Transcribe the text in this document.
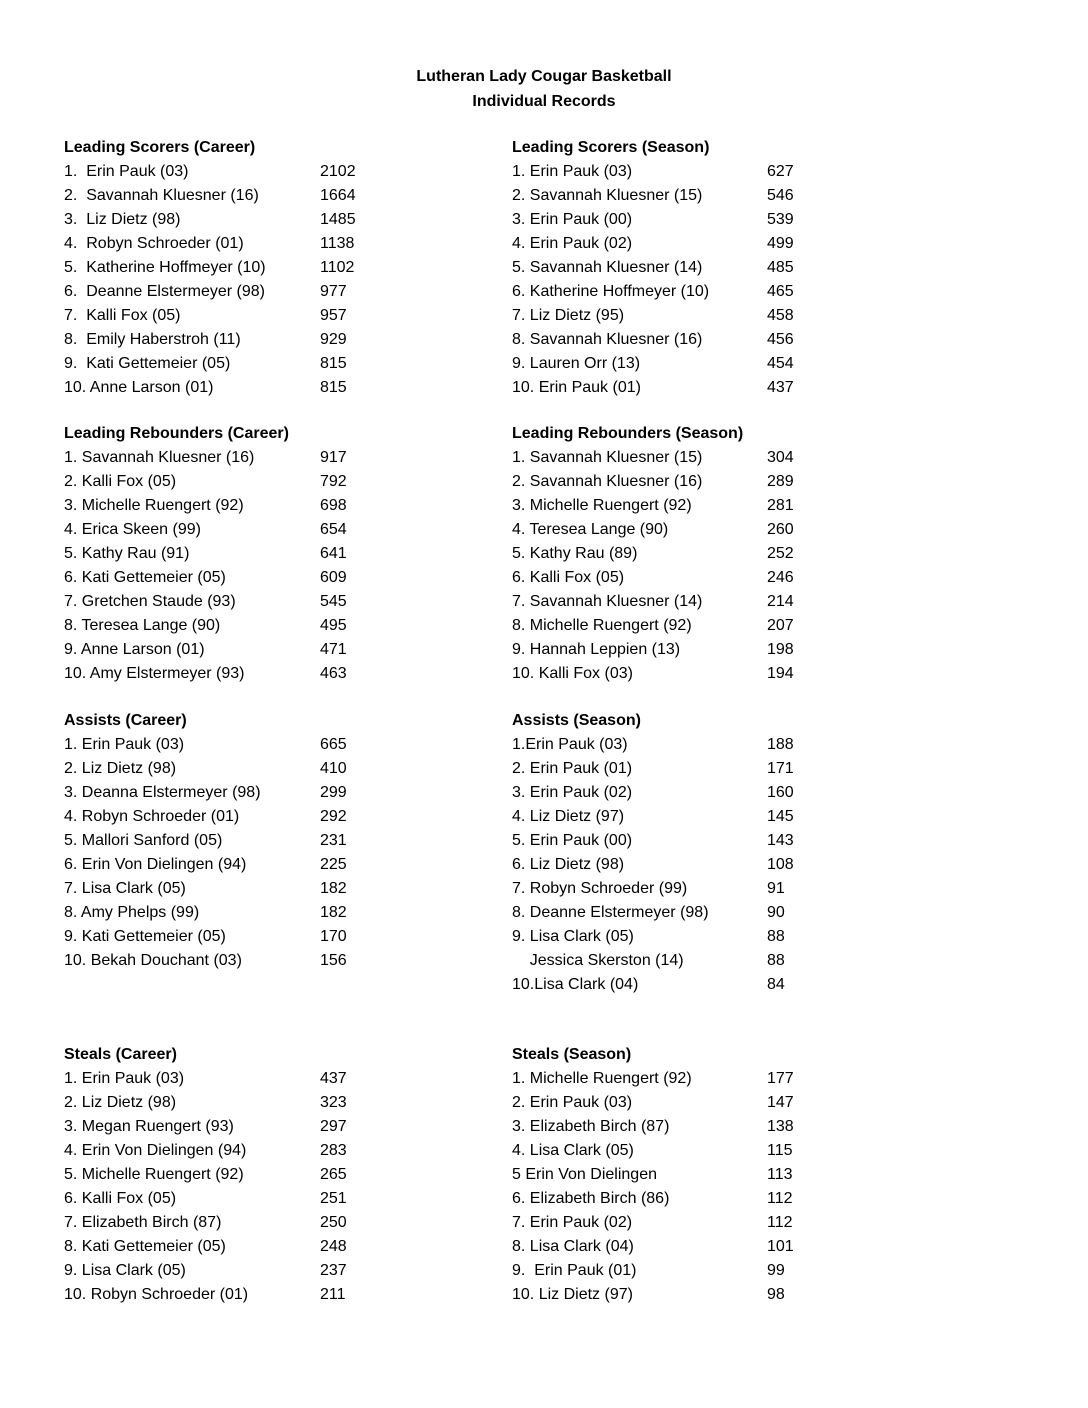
Lutheran Lady Cougar Basketball
Individual Records
Leading Scorers (Career)
1.  Erin Pauk (03)	2102
2.  Savannah Kluesner (16)	1664
3.  Liz Dietz (98)	1485
4.  Robyn Schroeder (01)	1138
5.  Katherine Hoffmeyer (10)	1102
6.  Deanne Elstermeyer (98)	977
7.  Kalli Fox (05)	957
8.  Emily Haberstroh (11)	929
9.  Kati Gettemeier (05)	815
10. Anne Larson (01)	815
Leading Scorers (Season)
1. Erin Pauk (03)	627
2. Savannah Kluesner (15)	546
3. Erin Pauk (00)	539
4. Erin Pauk (02)	499
5. Savannah Kluesner (14)	485
6. Katherine Hoffmeyer (10)	465
7. Liz Dietz (95)	458
8. Savannah Kluesner (16)	456
9. Lauren Orr (13)	454
10. Erin Pauk (01)	437
Leading Rebounders (Career)
1. Savannah Kluesner (16)	917
2. Kalli Fox (05)	792
3. Michelle Ruengert (92)	698
4. Erica Skeen (99)	654
5. Kathy Rau (91)	641
6. Kati Gettemeier (05)	609
7. Gretchen Staude (93)	545
8. Teresea Lange (90)	495
9. Anne Larson (01)	471
10. Amy Elstermeyer (93)	463
Leading Rebounders (Season)
1. Savannah Kluesner (15)	304
2. Savannah Kluesner (16)	289
3. Michelle Ruengert (92)	281
4. Teresea Lange (90)	260
5. Kathy Rau (89)	252
6. Kalli Fox (05)	246
7. Savannah Kluesner (14)	214
8. Michelle Ruengert (92)	207
9. Hannah Leppien (13)	198
10. Kalli Fox (03)	194
Assists (Career)
1. Erin Pauk (03)	665
2. Liz Dietz (98)	410
3. Deanna Elstermeyer (98)	299
4. Robyn Schroeder (01)	292
5. Mallori Sanford (05)	231
6. Erin Von Dielingen (94)	225
7. Lisa Clark (05)	182
8. Amy Phelps (99)	182
9. Kati Gettemeier (05)	170
10. Bekah Douchant (03)	156
Assists (Season)
1.Erin Pauk (03)	188
2. Erin Pauk (01)	171
3. Erin Pauk (02)	160
4. Liz Dietz (97)	145
5. Erin Pauk (00)	143
6. Liz Dietz (98)	108
7. Robyn Schroeder (99)	91
8. Deanne Elstermeyer (98)	90
9. Lisa Clark (05)	88
Jessica Skerston (14)	88
10.Lisa Clark (04)	84
Steals (Career)
1. Erin Pauk (03)	437
2. Liz Dietz (98)	323
3. Megan Ruengert (93)	297
4. Erin Von Dielingen (94)	283
5. Michelle Ruengert (92)	265
6. Kalli Fox (05)	251
7. Elizabeth Birch (87)	250
8. Kati Gettemeier (05)	248
9. Lisa Clark (05)	237
10. Robyn Schroeder (01)	211
Steals (Season)
1. Michelle Ruengert (92)	177
2. Erin Pauk (03)	147
3. Elizabeth Birch (87)	138
4. Lisa Clark (05)	115
5 Erin Von Dielingen	113
6. Elizabeth Birch (86)	112
7. Erin Pauk (02)	112
8. Lisa Clark (04)	101
9.  Erin Pauk (01)	99
10. Liz Dietz (97)	98
